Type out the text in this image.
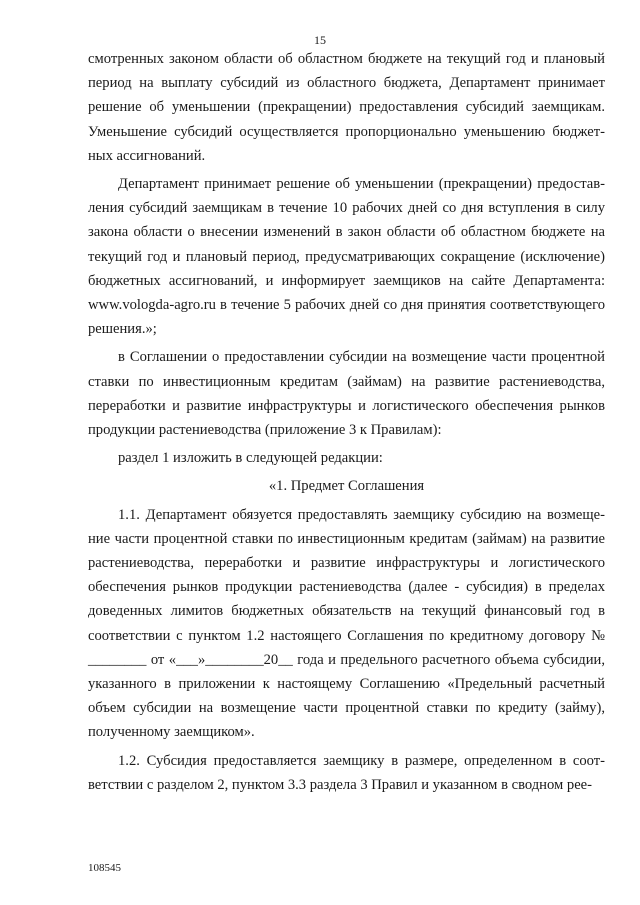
15

смотренных законом области об областном бюджете на текущий год и плановый период на выплату субсидий из областного бюджета, Департамент принимает решение об уменьшении (прекращении) предоставления субсидий заемщикам. Уменьшение субсидий осуществляется пропорционально уменьшению бюджетных ассигнований.

Департамент принимает решение об уменьшении (прекращении) предоставления субсидий заемщикам в течение 10 рабочих дней со дня вступления в силу закона области о внесении изменений в закон области об областном бюджете на текущий год и плановый период, предусматривающих сокращение (исключение) бюджетных ассигнований, и информирует заемщиков на сайте Департамента: www.vologda-agro.ru в течение 5 рабочих дней со дня принятия соответствующего решения.»;

в Соглашении о предоставлении субсидии на возмещение части процентной ставки по инвестиционным кредитам (займам) на развитие растениеводства, переработки и развитие инфраструктуры и логистического обеспечения рынков продукции растениеводства (приложение 3 к Правилам):

раздел 1 изложить в следующей редакции:

«1. Предмет Соглашения

1.1. Департамент обязуется предоставлять заемщику субсидию на возмещение части процентной ставки по инвестиционным кредитам (займам) на развитие растениеводства, переработки и развитие инфраструктуры и логистического обеспечения рынков продукции растениеводства (далее - субсидия) в пределах доведенных лимитов бюджетных обязательств на текущий финансовый год в соответствии с пунктом 1.2 настоящего Соглашения по кредитному договору № ________ от «___»________20__ года и предельного расчетного объема субсидии, указанного в приложении к настоящему Соглашению «Предельный расчетный объем субсидии на возмещение части процентной ставки по кредиту (займу), полученному заемщиком».

1.2. Субсидия предоставляется заемщику в размере, определенном в соответствии с разделом 2, пунктом 3.3 раздела 3 Правил и указанном в сводном рее-

108545
